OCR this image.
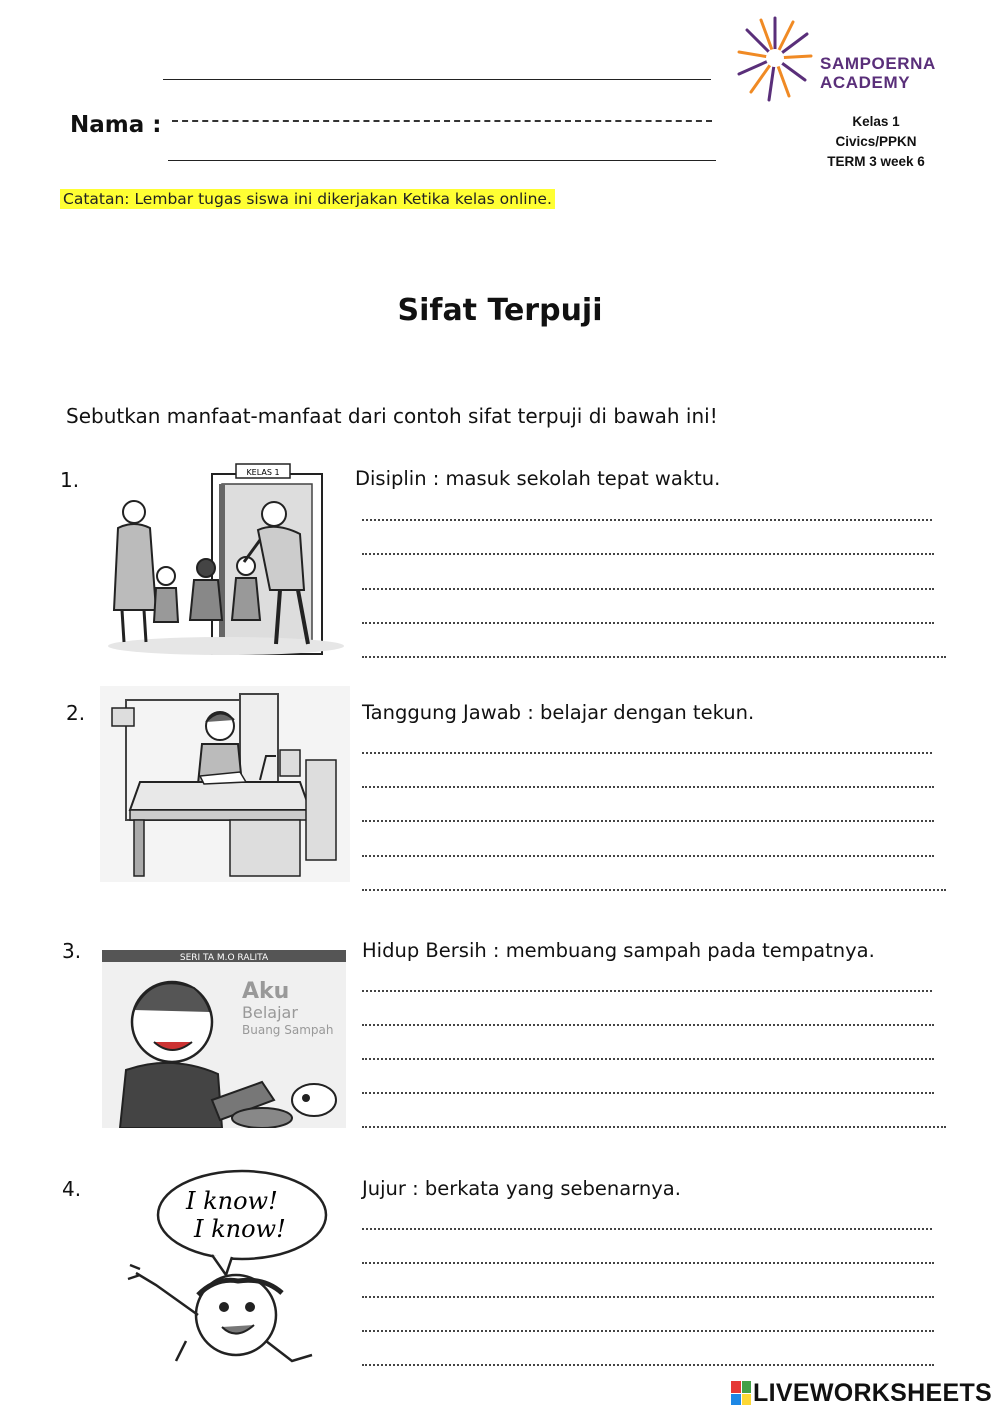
Nama :
SAMPOERNA
ACADEMY
Kelas 1
Civics/PPKN
TERM 3 week 6
Catatan: Lembar tugas siswa ini dikerjakan Ketika kelas online.
Sifat Terpuji
Sebutkan manfaat-manfaat dari contoh sifat terpuji di bawah ini!
1.	KELAS 1	Disiplin : masuk sekolah tepat waktu.
2.	Tanggung Jawab : belajar dengan tekun.
3.	SERI TA M.O RALITA
Aku
Belajar
Buang Sampah
Hidup Bersih : membuang sampah pada tempatnya.
4.	I know!
I know!
Jujur : berkata yang sebenarnya.
LIVEWORKSHEETS
